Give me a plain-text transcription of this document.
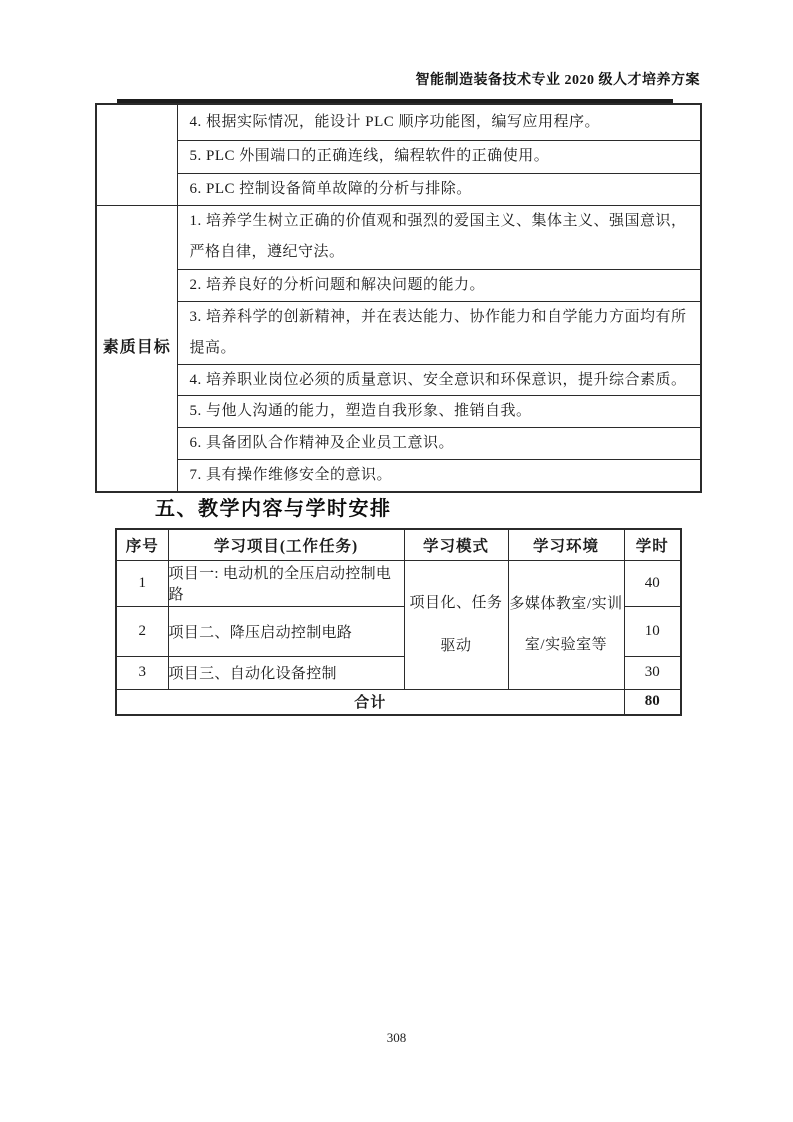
智能制造装备技术专业 2020 级人才培养方案
	4. 根据实际情况，能设计 PLC 顺序功能图，编写应用程序。
	5. PLC 外围端口的正确连线，编程软件的正确使用。
	6. PLC 控制设备简单故障的分析与排除。
素质目标	1. 培养学生树立正确的价值观和强烈的爱国主义、集体主义、强国意识，严格自律，遵纪守法。
	2. 培养良好的分析问题和解决问题的能力。
	3. 培养科学的创新精神，并在表达能力、协作能力和自学能力方面均有所提高。
	4. 培养职业岗位必须的质量意识、安全意识和环保意识，提升综合素质。
	5. 与他人沟通的能力，塑造自我形象、推销自我。
	6. 具备团队合作精神及企业员工意识。
	7. 具有操作维修安全的意识。
五、教学内容与学时安排
序号	学习项目(工作任务)	学习模式	学习环境	学时
1	项目一: 电动机的全压启动控制电路	项目化、任务驱动	多媒体教室/实训室/实验室等	40
2	项目二、降压启动控制电路			10
3	项目三、自动化设备控制			30
合计				80
308
